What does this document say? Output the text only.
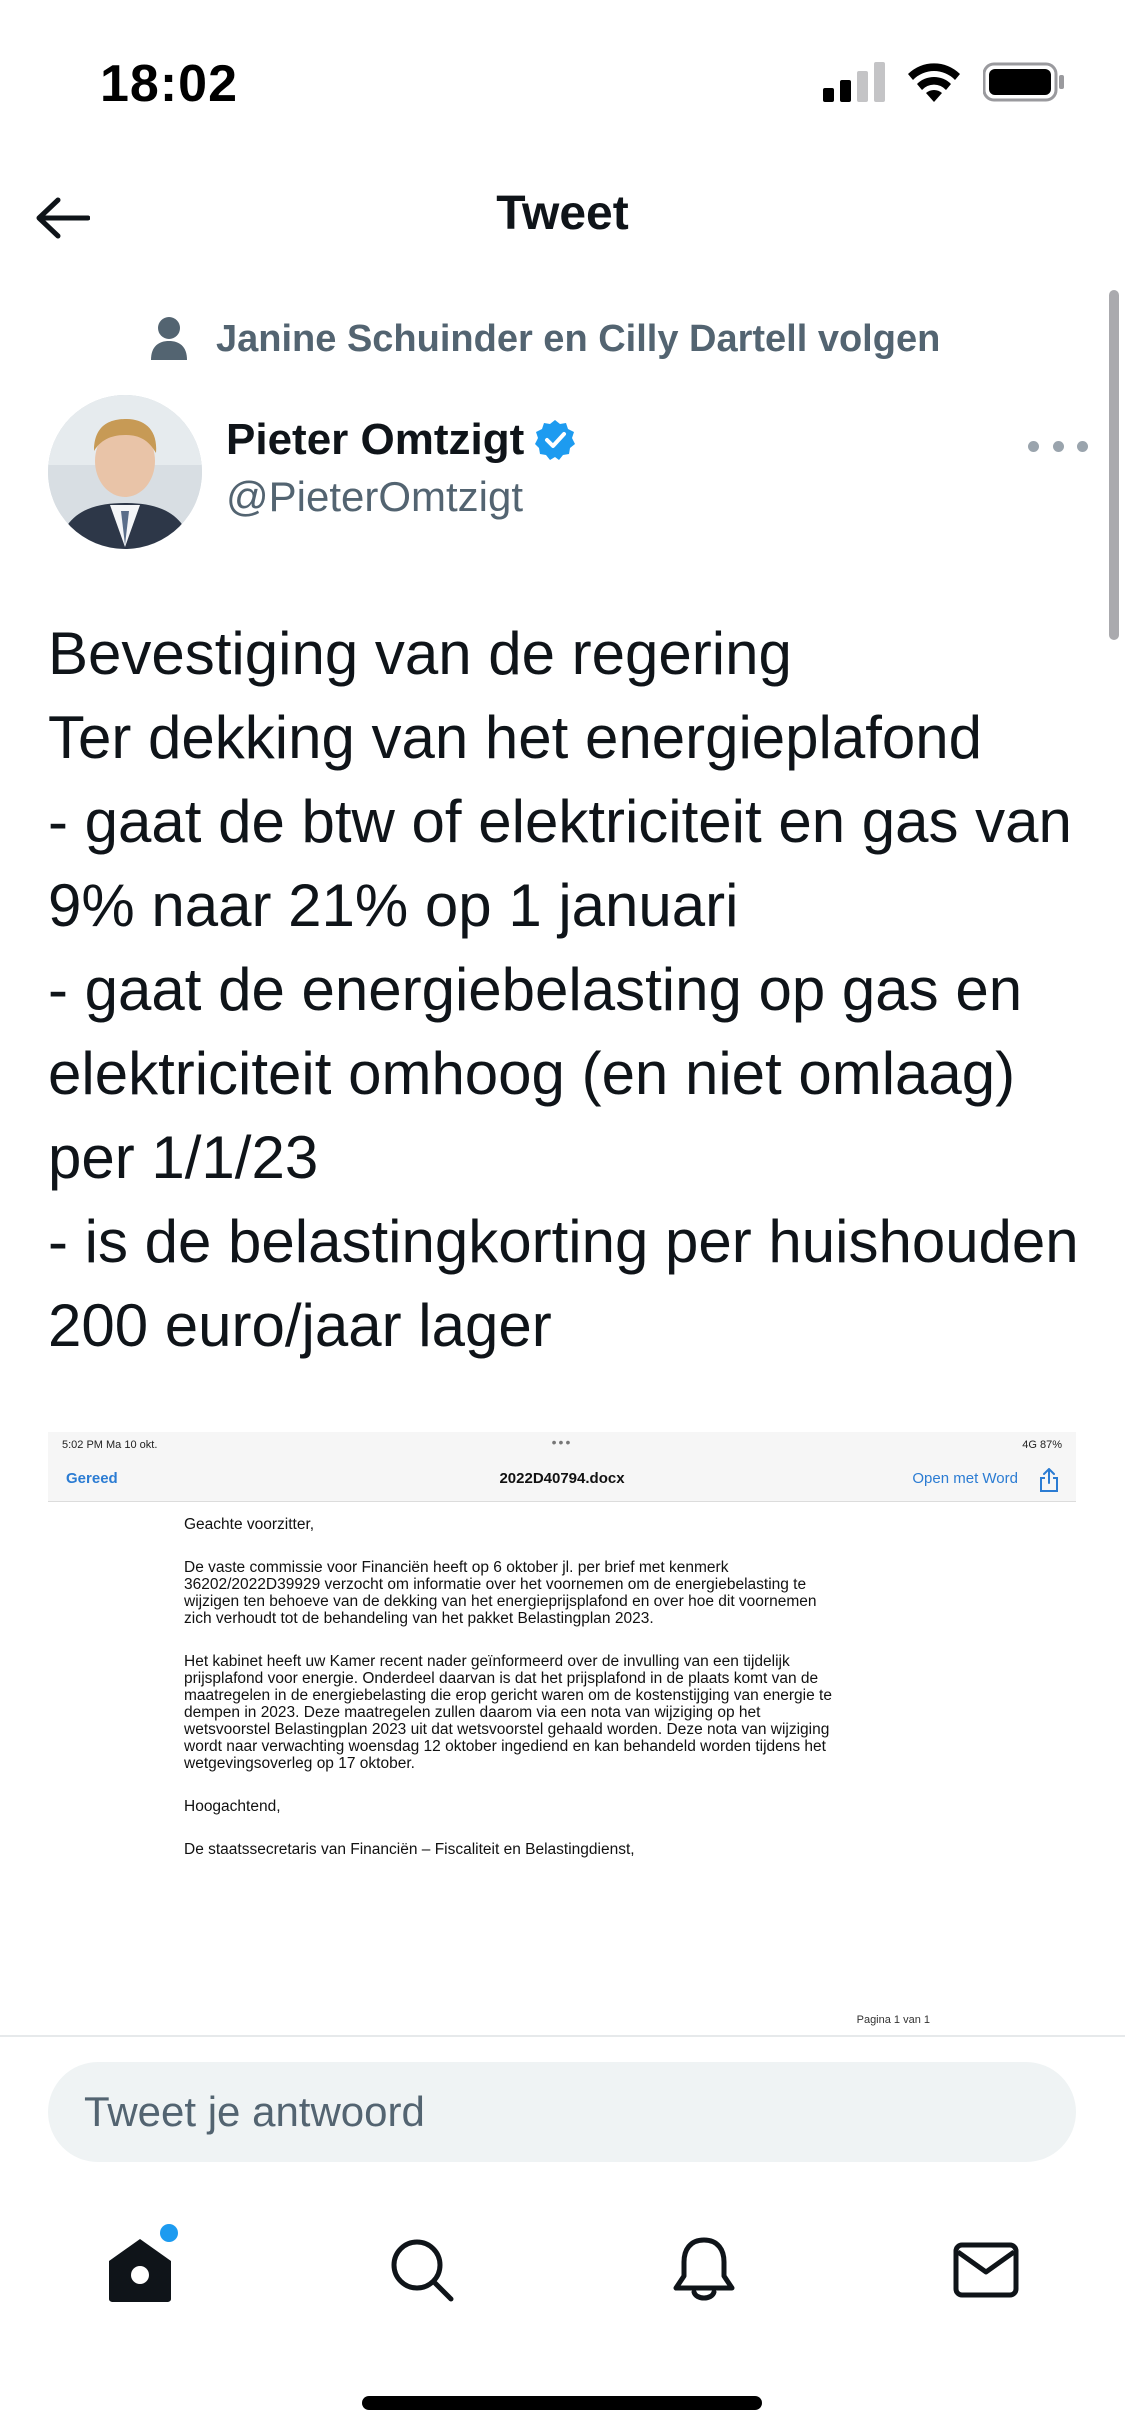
18:02
Tweet
Janine Schuinder en Cilly Dartell volgen
Pieter Omtzigt
@PieterOmtzigt
Bevestiging van de regering
Ter dekking van het energieplafond
- gaat de btw of elektriciteit en gas van 9% naar 21% op 1 januari
- gaat de energiebelasting op gas en elektriciteit omhoog (en niet omlaag) per 1/1/23
- is de belastingkorting per huishouden 200 euro/jaar lager
5:02 PM Ma 10 okt.	•••	4G 87%
Gereed	2022D40794.docx	Open met Word

Geachte voorzitter,

De vaste commissie voor Financiën heeft op 6 oktober jl. per brief met kenmerk 36202/2022D39929 verzocht om informatie over het voornemen om de energiebelasting te wijzigen ten behoeve van de dekking van het energieprijsplafond en over hoe dit voornemen zich verhoudt tot de behandeling van het pakket Belastingplan 2023.

Het kabinet heeft uw Kamer recent nader geïnformeerd over de invulling van een tijdelijk prijsplafond voor energie. Onderdeel daarvan is dat het prijsplafond in de plaats komt van de maatregelen in de energiebelasting die erop gericht waren om de kostenstijging van energie te dempen in 2023. Deze maatregelen zullen daarom via een nota van wijziging op het wetsvoorstel Belastingplan 2023 uit dat wetsvoorstel gehaald worden. Deze nota van wijziging wordt naar verwachting woensdag 12 oktober ingediend en kan behandeld worden tijdens het wetgevingsoverleg op 17 oktober.

Hoogachtend,

De staatssecretaris van Financiën – Fiscaliteit en Belastingdienst,

Pagina 1 van 1
Tweet je antwoord
